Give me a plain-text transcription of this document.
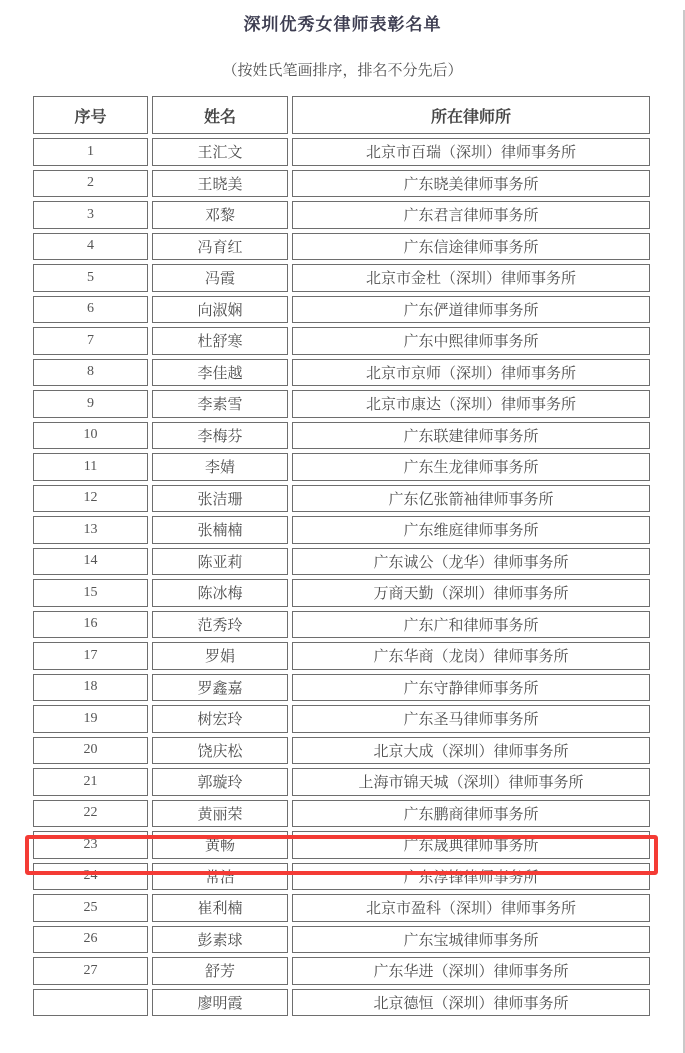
深圳优秀女律师表彰名单

（按姓氏笔画排序，排名不分先后）

序号	姓名	所在律师所
1	王汇文	北京市百瑞（深圳）律师事务所
2	王晓美	广东晓美律师事务所
3	邓黎	广东君言律师事务所
4	冯育红	广东信途律师事务所
5	冯霞	北京市金杜（深圳）律师事务所
6	向淑娴	广东俨道律师事务所
7	杜舒寒	广东中熙律师事务所
8	李佳越	北京市京师（深圳）律师事务所
9	李素雪	北京市康达（深圳）律师事务所
10	李梅芬	广东联建律师事务所
11	李婧	广东生龙律师事务所
12	张洁珊	广东亿张箭袖律师事务所
13	张楠楠	广东维庭律师事务所
14	陈亚莉	广东诚公（龙华）律师事务所
15	陈冰梅	万商天勤（深圳）律师事务所
16	范秀玲	广东广和律师事务所
17	罗娟	广东华商（龙岗）律师事务所
18	罗鑫嘉	广东守静律师事务所
19	树宏玲	广东圣马律师事务所
20	饶庆松	北京大成（深圳）律师事务所
21	郭璇玲	上海市锦天城（深圳）律师事务所
22	黄丽荣	广东鹏商律师事务所
23	黄畅	广东晟典律师事务所
24	常洁	广东淳锋律师事务所
25	崔利楠	北京市盈科（深圳）律师事务所
26	彭素球	广东宝城律师事务所
27	舒芳	广东华进（深圳）律师事务所
	廖明霞	北京德恒（深圳）律师事务所
